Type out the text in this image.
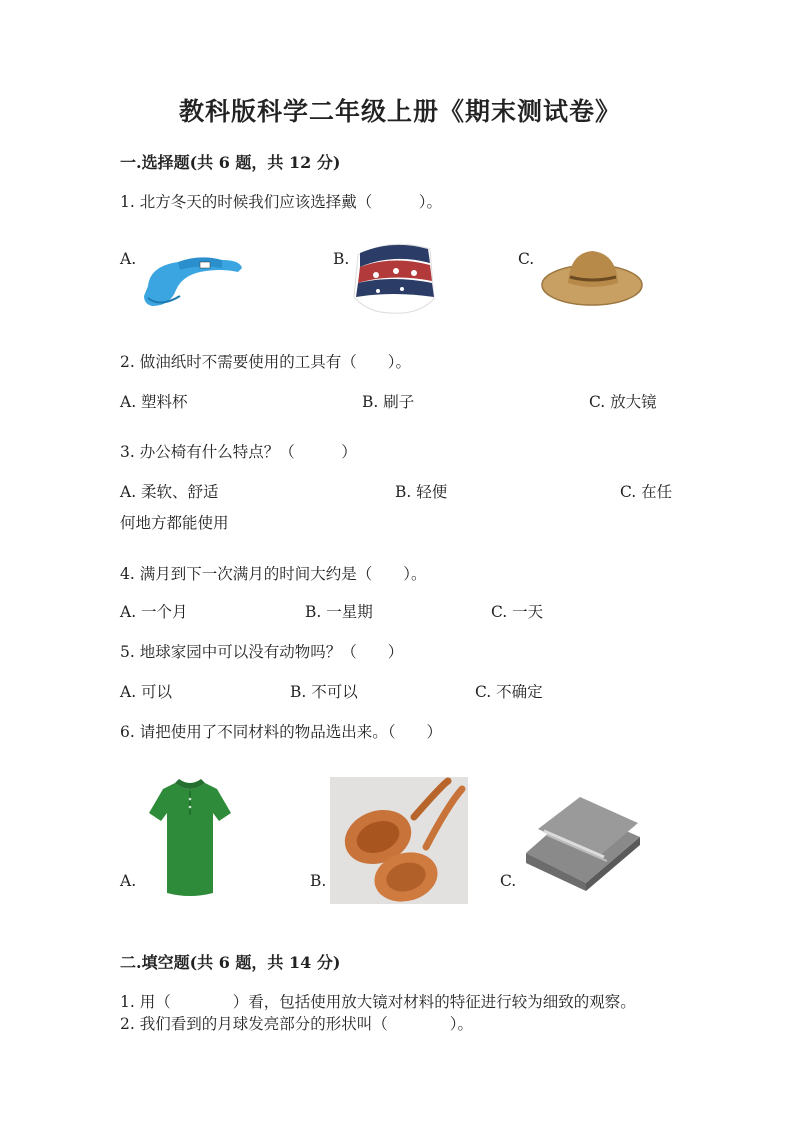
教科版科学二年级上册《期末测试卷》
一.选择题(共 6 题，共 12 分)
1. 北方冬天的时候我们应该选择戴（　　　）。
A.	B.	C.
2. 做油纸时不需要使用的工具有（　　）。
A. 塑料杯	B. 刷子	C. 放大镜
3. 办公椅有什么特点？（　　　）
A. 柔软、舒适	B. 轻便	C. 在任
何地方都能使用
4. 满月到下一次满月的时间大约是（　　）。
A. 一个月	B. 一星期	C. 一天
5. 地球家园中可以没有动物吗？（　　）
A. 可以	B. 不可以	C. 不确定
6. 请把使用了不同材料的物品选出来。（　　）
A.	B.	C.
二.填空题(共 6 题，共 14 分)
1. 用（　　　　）看，包括使用放大镜对材料的特征进行较为细致的观察。
2. 我们看到的月球发亮部分的形状叫（　　　　）。
